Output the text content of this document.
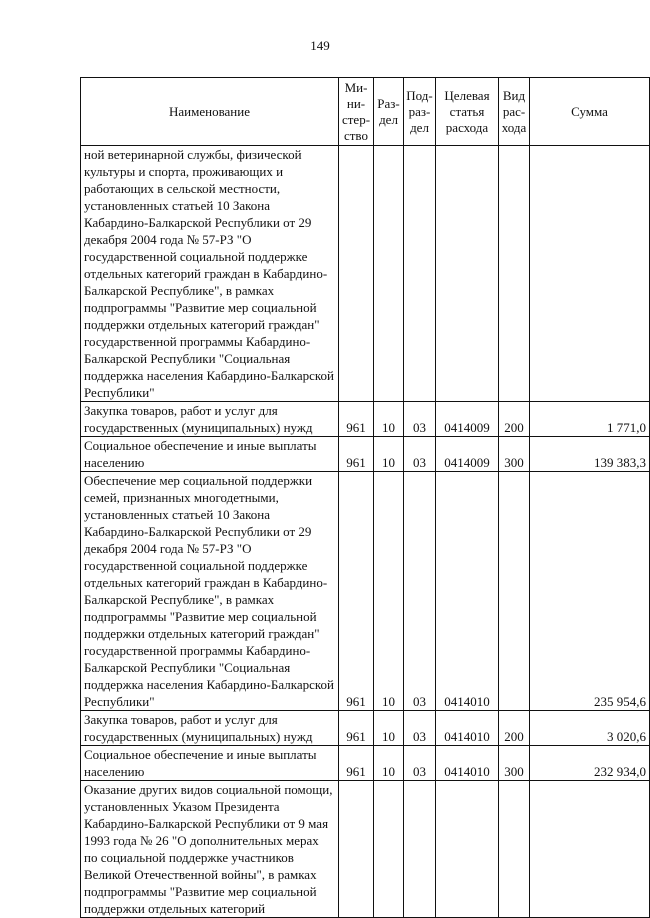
149
Наименование	Ми-ни-стер-ство	Раз-дел	Под-раз-дел	Целевая статья расхода	Вид рас-хода	Сумма
ной ветеринарной службы, физической культуры и спорта, проживающих и работающих в сельской местности, установленных статьей 10 Закона Кабардино-Балкарской Республики от 29 декабря 2004 года № 57-РЗ "О государственной социальной поддержке отдельных категорий граждан в Кабардино-Балкарской Республике", в рамках подпрограммы "Развитие мер социальной поддержки отдельных категорий граждан" государственной программы Кабардино-Балкарской Республики "Социальная поддержка населения Кабардино-Балкарской Республики"						
Закупка товаров, работ и услуг для государственных (муниципальных) нужд	961	10	03	0414009	200	1 771,0
Социальное обеспечение и иные выплаты населению	961	10	03	0414009	300	139 383,3
Обеспечение мер социальной поддержки семей, признанных многодетными, установленных статьей 10 Закона Кабардино-Балкарской Республики от 29 декабря 2004 года № 57-РЗ "О государственной социальной поддержке отдельных категорий граждан в Кабардино-Балкарской Республике", в рамках подпрограммы "Развитие мер социальной поддержки отдельных категорий граждан" государственной программы Кабардино-Балкарской Республики "Социальная поддержка населения Кабардино-Балкарской Республики"	961	10	03	0414010		235 954,6
Закупка товаров, работ и услуг для государственных (муниципальных) нужд	961	10	03	0414010	200	3 020,6
Социальное обеспечение и иные выплаты населению	961	10	03	0414010	300	232 934,0
Оказание других видов социальной помощи, установленных Указом Президента Кабардино-Балкарской Республики от 9 мая 1993 года № 26 "О дополнительных мерах по социальной поддержке участников Великой Отечественной войны", в рамках подпрограммы "Развитие мер социальной поддержки отдельных категорий						
